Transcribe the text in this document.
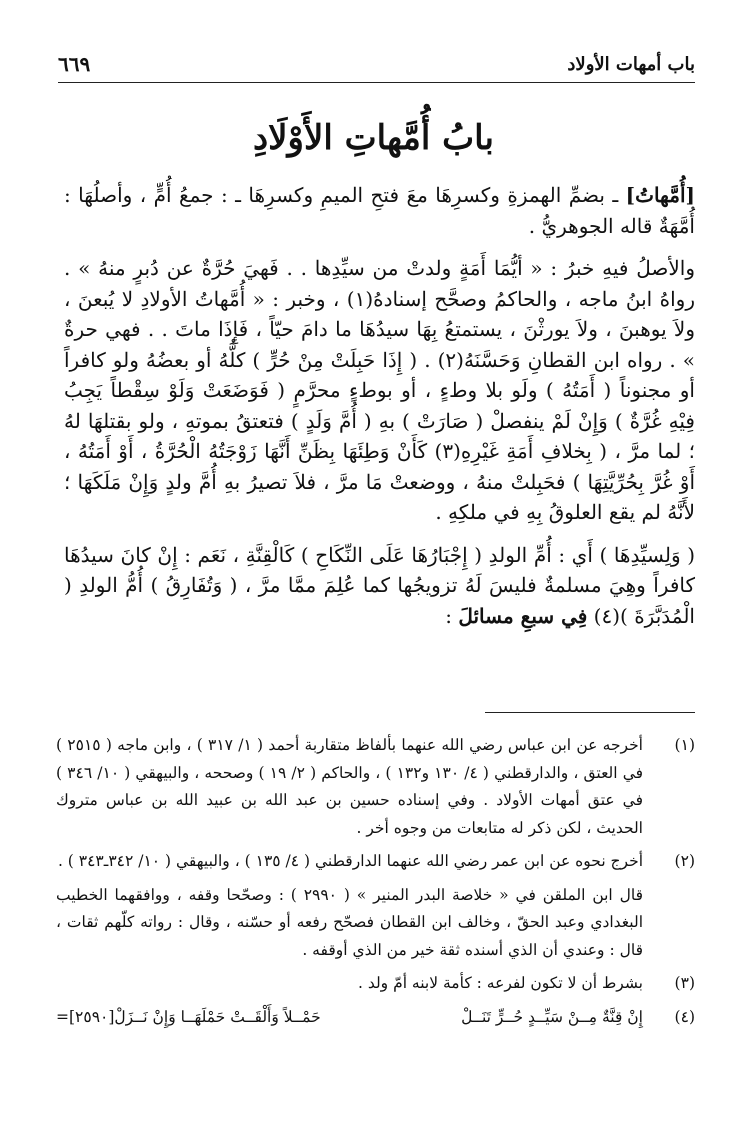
باب أمهات الأولاد
٦٦٩
بابُ أُمَّهاتِ الأَوْلَادِ

[أُمَّهاتُ] ـ بضمِّ الهمزةِ وكسرِهَا معَ فتحِ الميمِ وكسرِهَا ـ : جمعُ أُمٍّ ، وأصلُهَا : أُمَّهَةٌ قاله الجوهريُّ .

والأصلُ فيهِ خبرُ : « أيُّمَا أَمَةٍ ولدتْ من سيِّدِها . . فَهيَ حُرَّةٌ عن دُبرٍ منهُ » . رواهُ ابنُ ماجه ، والحاكمُ وصحَّح إسنادهُ(١) ، وخبر : « أُمَّهاتُ الأولادِ لا يُبعنَ ، ولاَ يوهبنَ ، ولاَ يورثْنَ ، يستمتعُ بِهَا سيدُهَا ما دامَ حيّاً ، فَإِذَا ماتَ . . فهي حرةٌ » . رواه ابن القطانِ وَحَسَّنَهُ(٢) . ( إِذَا حَبِلَتْ مِنْ حُرٍّ ) كلُّهُ أو بعضُهُ ولو كافراً أو مجنوناً ( أَمَتُهُ ) ولَو بلا وطءٍ ، أو بوطءٍ محرَّمٍ ( فَوَضَعَتْ وَلَوْ سِقْطاً يَجِبُ فِيْهِ غُرَّةٌ ) وَإِنْ لَمْ ينفصلْ ( صَارَتْ ) بهِ ( أُمَّ وَلَدٍ ) فتعتقُ بموتهِ ، ولو بقتلهَا لهُ ؛ لما مرَّ ، ( بِخلافِ أَمَةِ غَيْرِهِ(٣) كَأَنْ وَطِئَهَا بِظَنِّ أَنَّهَا زَوْجَتُهُ الْحُرَّةُ ، أَوْ أَمَتُهُ ، أَوْ غُرَّ بِحُرِّيَّتِهَا ) فحَبِلتْ منهُ ، ووضعتْ مَا مرَّ ، فلاَ تصيرُ بهِ أُمَّ ولدٍ وَإِنْ مَلَكَهَا ؛ لأَنَّهُ لم يقع العلوقُ بِهِ في ملكِهِ .

( وَلِسيِّدِهَا ) أَي : أُمِّ الولدِ ( إِجْبَارُهَا عَلَى النِّكَاحِ ) كَالْقِنَّةِ ، نَعَم : إِنْ كانَ سيدُهَا كافراً وهِيَ مسلمةٌ فليسَ لَهُ تزويجُها كما عُلِمَ ممَّا مرَّ ، ( وَتُفَارِقُ ) أُمُّ الولدِ ( الْمُدَبَّرَةَ )(٤) فِي سبعِ مسائلَ :

(١)
أخرجه عن ابن عباس رضي الله عنهما بألفاظ متقاربة أحمد ( ١/ ٣١٧ ) ، وابن ماجه ( ٢٥١٥ ) في العتق ، والدارقطني ( ٤/ ١٣٠ و١٣٢ ) ، والحاكم ( ٢/ ١٩ ) وصححه ، والبيهقي ( ١٠/ ٣٤٦ ) في عتق أمهات الأولاد . وفي إسناده حسين بن عبد الله بن عبيد الله بن عباس متروك الحديث ، لكن ذكر له متابعات من وجوه أخر .
(٢)
أخرج نحوه عن ابن عمر رضي الله عنهما الدارقطني ( ٤/ ١٣٥ ) ، والبيهقي ( ١٠/ ٣٤٢ـ٣٤٣ ) .
قال ابن الملقن في « خلاصة البدر المنير » ( ٢٩٩٠ ) : وصحّحا وقفه ، ووافقهما الخطيب البغدادي وعبد الحقّ ، وخالف ابن القطان فصحّح رفعه أو حسّنه ، وقال : رواته كلّهم ثقات ، قال : وعندي أن الذي أسنده ثقة خير من الذي أوقفه .
(٣)
بشرط أن لا تكون لفرعه : كأمة لابنه أمّ ولد .
(٤)
إِنْ قِنَّةٌ مِــنْ سَيِّــدٍ حُــرٍّ تَنَــلْ
حَمْــلاً وَأَلْقَــتْ حَمْلَهَــا وَإِنْ نَــزَلْ[٢٥٩٠]=
